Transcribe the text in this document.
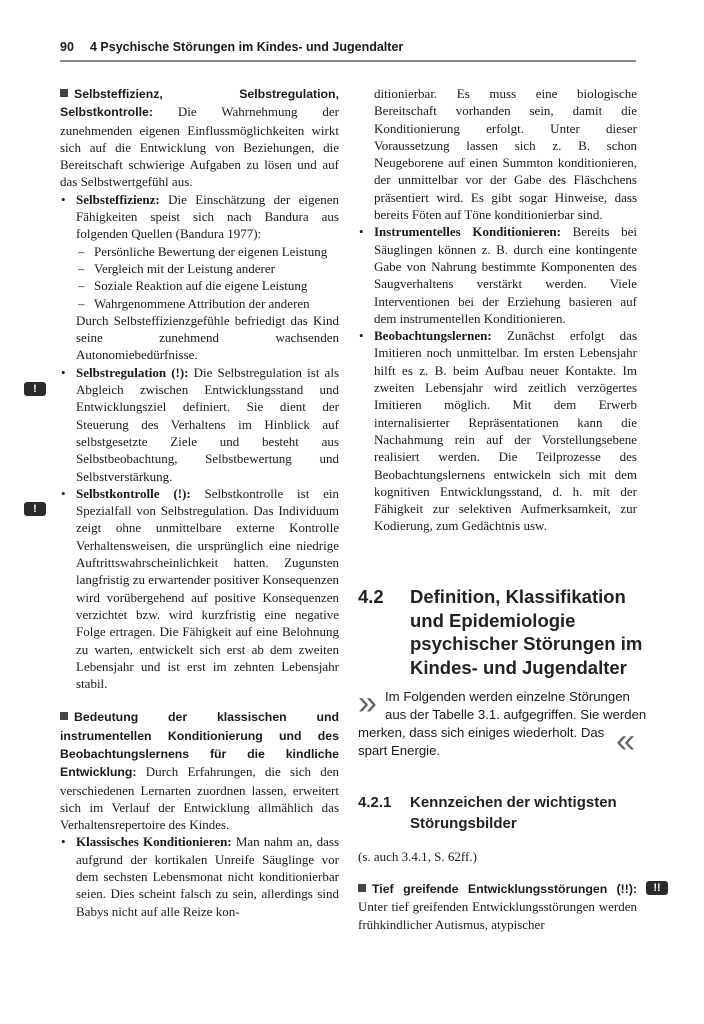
90 4 Psychische Störungen im Kindes- und Jugendalter

Selbsteffizienz, Selbstregulation, Selbstkontrolle: Die Wahrnehmung der zunehmenden eigenen Einflussmöglichkeiten wirkt sich auf die Entwicklung von Beziehungen, die Bereitschaft schwierige Aufgaben zu lösen und auf das Selbstwertgefühl aus.

• Selbsteffizienz: Die Einschätzung der eigenen Fähigkeiten speist sich nach Bandura aus folgenden Quellen (Bandura 1977):
– Persönliche Bewertung der eigenen Leistung
– Vergleich mit der Leistung anderer
– Soziale Reaktion auf die eigene Leistung
– Wahrgenommene Attribution der anderen

Durch Selbsteffizienzgefühle befriedigt das Kind seine zunehmend wachsenden Autonomiebedürfnisse.

• Selbstregulation (!): Die Selbstregulation ist als Abgleich zwischen Entwicklungsstand und Entwicklungsziel definiert. Sie dient der Steuerung des Verhaltens im Hinblick auf selbstgesetzte Ziele und besteht aus Selbstbeobachtung, Selbstbewertung und Selbstverstärkung.
• Selbstkontrolle (!): Selbstkontrolle ist ein Spezialfall von Selbstregulation. Das Individuum zeigt ohne unmittelbare externe Kontrolle Verhaltensweisen, die ursprünglich eine niedrige Auftrittswahrscheinlichkeit hatten. Zugunsten langfristig zu erwartender positiver Konsequenzen wird vorübergehend auf positive Konsequenzen verzichtet bzw. wird kurzfristig eine negative Folge ertragen. Die Fähigkeit auf eine Belohnung zu warten, entwickelt sich erst ab dem zweiten Lebensjahr und ist erst im zehnten Lebensjahr stabil.

Bedeutung der klassischen und instrumentellen Konditionierung und des Beobachtungslernens für die kindliche Entwicklung: Durch Erfahrungen, die sich den verschiedenen Lernarten zuordnen lassen, erweitert sich im Verlauf der Entwicklung allmählich das Verhaltensrepertoire des Kindes.

• Klassisches Konditionieren: Man nahm an, dass aufgrund der kortikalen Unreife Säuglinge vor dem sechsten Lebensmonat nicht konditionierbar seien. Dies scheint falsch zu sein, allerdings sind Babys nicht auf alle Reize kon-
!
!

ditionierbar. Es muss eine biologische Bereitschaft vorhanden sein, damit die Konditionierung erfolgt. Unter dieser Voraussetzung lassen sich z. B. schon Neugeborene auf einen Summton konditionieren, der unmittelbar vor der Gabe des Fläschchens präsentiert wird. Es gibt sogar Hinweise, dass bereits Föten auf Töne konditionierbar sind.

• Instrumentelles Konditionieren: Bereits bei Säuglingen können z. B. durch eine kontingente Gabe von Nahrung bestimmte Komponenten des Saugverhaltens verstärkt werden. Viele Interventionen bei der Erziehung basieren auf dem instrumentellen Konditionieren.
• Beobachtungslernen: Zunächst erfolgt das Imitieren noch unmittelbar. Im ersten Lebensjahr hilft es z. B. beim Aufbau neuer Kontakte. Im zweiten Lebensjahr wird zeitlich verzögertes Imitieren möglich. Mit dem Erwerb internalisierter Repräsentationen kann die Nachahmung rein auf der Vorstellungsebene realisiert werden. Die Teilprozesse des Beobachtungslernens entwickeln sich mit dem kognitiven Entwicklungsstand, d. h. mit der Fähigkeit zur selektiven Aufmerksamkeit, zur Kodierung, zum Gedächtnis usw.
4.2 Definition, Klassifikation
und Epidemiologie
psychischer Störungen im
Kindes- und Jugendalter
» Im Folgenden werden einzelne Störungen
aus der Tabelle 3.1. aufgegriffen. Sie werden
merken, dass sich einiges wiederholt. Das
spart Energie.	«
4.2.1 Kennzeichen der wichtigsten
Störungsbilder
(s. auch 3.4.1, S. 62ff.)

Tief greifende Entwicklungsstörungen (!!): Unter tief greifenden Entwicklungsstörungen werden frühkindlicher Autismus, atypischer

!!
